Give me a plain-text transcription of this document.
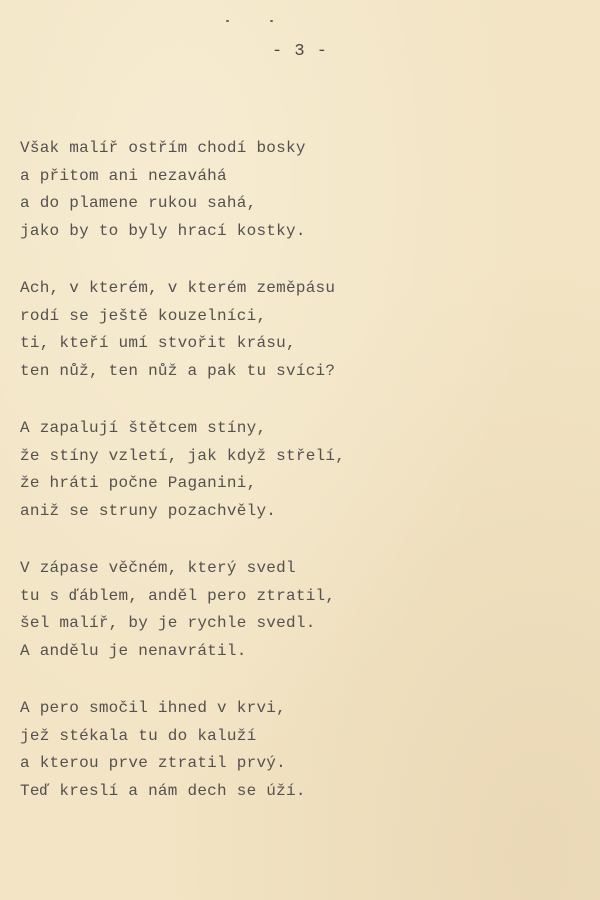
- 3 -
Však malíř ostřím chodí bosky
a přitom ani nezaváhá
a do plamene rukou sahá,
jako by to byly hrací kostky.
Ach, v kterém, v kterém zeměpásu
rodí se ještě kouzelníci,
ti, kteří umí stvořit krásu,
ten nůž, ten nůž a pak tu svíci?
A zapalují štětcem stíny,
že stíny vzletí, jak když střelí,
že hráti počne Paganini,
aniž se struny pozachvěly.
V zápase věčném, který svedl
tu s ďáblem, anděl pero ztratil,
šel malíř, by je rychle svedl.
A andělu je nenavrátil.
A pero smočil ihned v krvi,
jež stékala tu do kaluží
a kterou prve ztratil prvý.
Teď kreslí a nám dech se úží.
